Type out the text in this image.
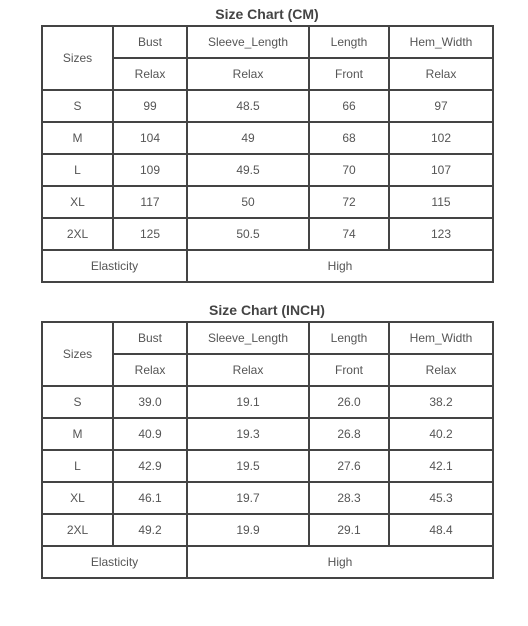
Size Chart (CM)
Sizes	Bust	Sleeve_Length	Length	Hem_Width
	Relax	Relax	Front	Relax
S	99	48.5	66	97
M	104	49	68	102
L	109	49.5	70	107
XL	117	50	72	115
2XL	125	50.5	74	123
Elasticity		High		
Size Chart (INCH)
Sizes	Bust	Sleeve_Length	Length	Hem_Width
	Relax	Relax	Front	Relax
S	39.0	19.1	26.0	38.2
M	40.9	19.3	26.8	40.2
L	42.9	19.5	27.6	42.1
XL	46.1	19.7	28.3	45.3
2XL	49.2	19.9	29.1	48.4
Elasticity		High		
